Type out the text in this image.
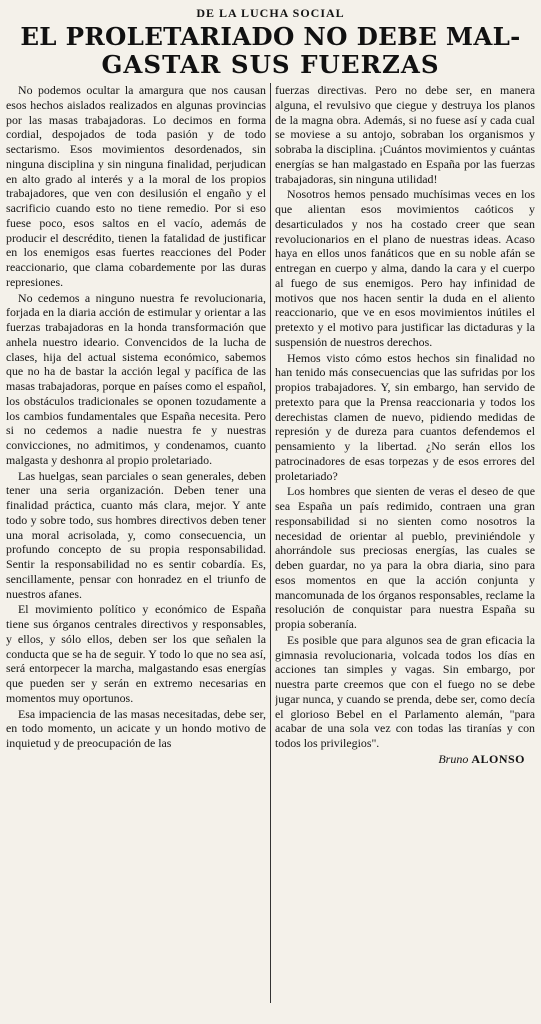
DE LA LUCHA SOCIAL
EL PROLETARIADO NO DEBE MAL-
GASTAR SUS FUERZAS

No podemos ocultar la amargura que nos causan esos hechos aislados realizados en algunas provincias por las masas trabajadoras. Lo decimos en forma cordial, despojados de toda pasión y de todo sectarismo. Esos movimientos desordenados, sin ninguna disciplina y sin ninguna finalidad, perjudican en alto grado al interés y a la moral de los propios trabajadores, que ven con desilusión el engaño y el sacrificio cuando esto no tiene remedio. Por si eso fuese poco, esos saltos en el vacío, además de producir el descrédito, tienen la fatalidad de justificar en los enemigos esas fuertes reacciones del Poder reaccionario, que clama cobardemente por las duras represiones.

No cedemos a ninguno nuestra fe revolucionaria, forjada en la diaria acción de estimular y orientar a las fuerzas trabajadoras en la honda transformación que anhela nuestro ideario. Convencidos de la lucha de clases, hija del actual sistema económico, sabemos que no ha de bastar la acción legal y pacífica de las masas trabajadoras, porque en países como el español, los obstáculos tradicionales se oponen tozudamente a los cambios fundamentales que España necesita. Pero si no cedemos a nadie nuestra fe y nuestras convicciones, no admitimos, y condenamos, cuanto malgasta y deshonra al propio proletariado.

Las huelgas, sean parciales o sean generales, deben tener una seria organización. Deben tener una finalidad práctica, cuanto más clara, mejor. Y ante todo y sobre todo, sus hombres directivos deben tener una moral acrisolada, y, como consecuencia, un profundo concepto de su propia responsabilidad. Sentir la responsabilidad no es sentir cobardía. Es, sencillamente, pensar con honradez en el triunfo de nuestros afanes.

El movimiento político y económico de España tiene sus órganos centrales directivos y responsables, y ellos, y sólo ellos, deben ser los que señalen la conducta que se ha de seguir. Y todo lo que no sea así, será entorpecer la marcha, malgastando esas energías que pueden ser y serán en extremo necesarias en momentos muy oportunos.

Esa impaciencia de las masas necesitadas, debe ser, en todo momento, un acicate y un hondo motivo de inquietud y de preocupación de las

fuerzas directivas. Pero no debe ser, en manera alguna, el revulsivo que ciegue y destruya los planos de la magna obra. Además, si no fuese así y cada cual se moviese a su antojo, sobraban los organismos y sobraba la disciplina. ¡Cuántos movimientos y cuántas energías se han malgastado en España por las fuerzas trabajadoras, sin ninguna utilidad!

Nosotros hemos pensado muchísimas veces en los que alientan esos movimientos caóticos y desarticulados y nos ha costado creer que sean revolucionarios en el plano de nuestras ideas. Acaso haya en ellos unos fanáticos que en su noble afán se entregan en cuerpo y alma, dando la cara y el cuerpo al fuego de sus enemigos. Pero hay infinidad de motivos que nos hacen sentir la duda en el aliento reaccionario, que ve en esos movimientos inútiles el pretexto y el motivo para justificar las dictaduras y la suspensión de nuestros derechos.

Hemos visto cómo estos hechos sin finalidad no han tenido más consecuencias que las sufridas por los propios trabajadores. Y, sin embargo, han servido de pretexto para que la Prensa reaccionaria y todos los derechistas clamen de nuevo, pidiendo medidas de represión y de dureza para cuantos defendemos el pensamiento y la libertad. ¿No serán ellos los patrocinadores de esas torpezas y de esos errores del proletariado?

Los hombres que sienten de veras el deseo de que sea España un país redimido, contraen una gran responsabilidad si no sienten como nosotros la necesidad de orientar al pueblo, previniéndole y ahorrándole sus preciosas energías, las cuales se deben guardar, no ya para la obra diaria, sino para esos momentos en que la acción conjunta y mancomunada de los órganos responsables, reclame la resolución de conquistar para nuestra España su propia soberanía.

Es posible que para algunos sea de gran eficacia la gimnasia revolucionaria, volcada todos los días en acciones tan simples y vagas. Sin embargo, por nuestra parte creemos que con el fuego no se debe jugar nunca, y cuando se prenda, debe ser, como decía el glorioso Bebel en el Parlamento alemán, "para acabar de una sola vez con todas las tiranías y con todos los privilegios".

Bruno ALONSO
